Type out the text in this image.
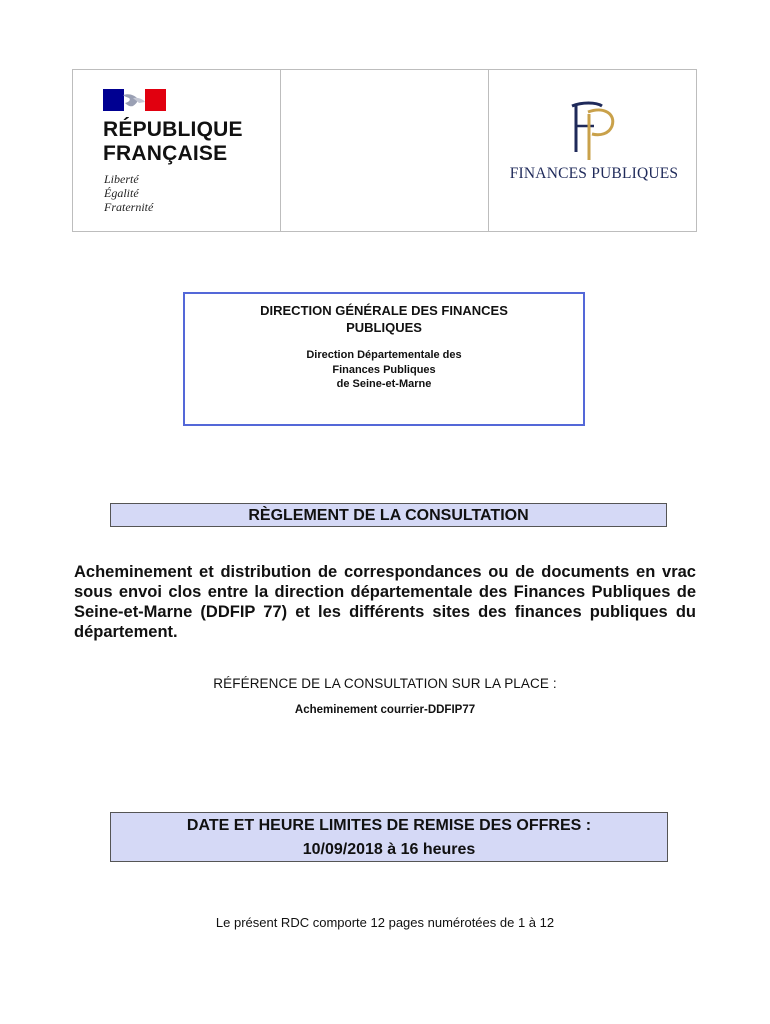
RÉPUBLIQUE
FRANÇAISE
Liberté
Égalité
Fraternité
FINANCES PUBLIQUES
DIRECTION GÉNÉRALE DES FINANCES PUBLIQUES
Direction Départementale des
Finances Publiques
de Seine-et-Marne
RÈGLEMENT DE LA CONSULTATION
Acheminement et distribution de correspondances ou de documents en vrac sous envoi clos entre la direction départementale des Finances Publiques de Seine-et-Marne (DDFIP 77) et les différents sites des finances publiques du département.
RÉFÉRENCE DE LA CONSULTATION SUR LA PLACE :
Acheminement courrier-DDFIP77
DATE ET HEURE LIMITES DE REMISE DES OFFRES :
10/09/2018 à 16 heures
Le présent RDC comporte 12 pages numérotées de 1 à 12
